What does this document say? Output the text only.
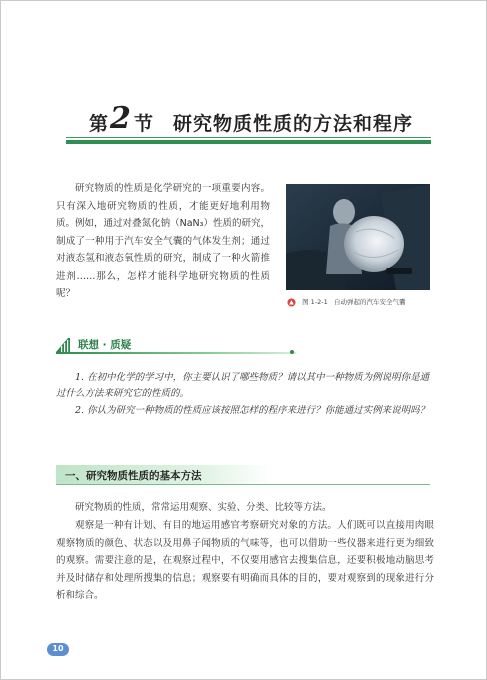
第 2 节 研究物质性质的方法和程序
研究物质的性质是化学研究的一项重要内容。只有深入地研究物质的性质，才能更好地利用物质。例如，通过对叠氮化钠（NaN₃）性质的研究，制成了一种用于汽车安全气囊的气体发生剂；通过对液态氢和液态氧性质的研究，制成了一种火箭推进剂……那么，怎样才能科学地研究物质的性质呢？
图 1-2-1 自动弹起的汽车安全气囊
联想 · 质疑
1. 在初中化学的学习中，你主要认识了哪些物质？请以其中一种物质为例说明你是通过什么方法来研究它的性质的。
2. 你认为研究一种物质的性质应该按照怎样的程序来进行？你能通过实例来说明吗？
一、研究物质性质的基本方法
研究物质的性质，常常运用观察、实验、分类、比较等方法。
观察是一种有计划、有目的地运用感官考察研究对象的方法。人们既可以直接用肉眼观察物质的颜色、状态以及用鼻子闻物质的气味等，也可以借助一些仪器来进行更为细致的观察。需要注意的是，在观察过程中，不仅要用感官去搜集信息，还要积极地动脑思考并及时储存和处理所搜集的信息；观察要有明确而具体的目的，要对观察到的现象进行分析和综合。
10
